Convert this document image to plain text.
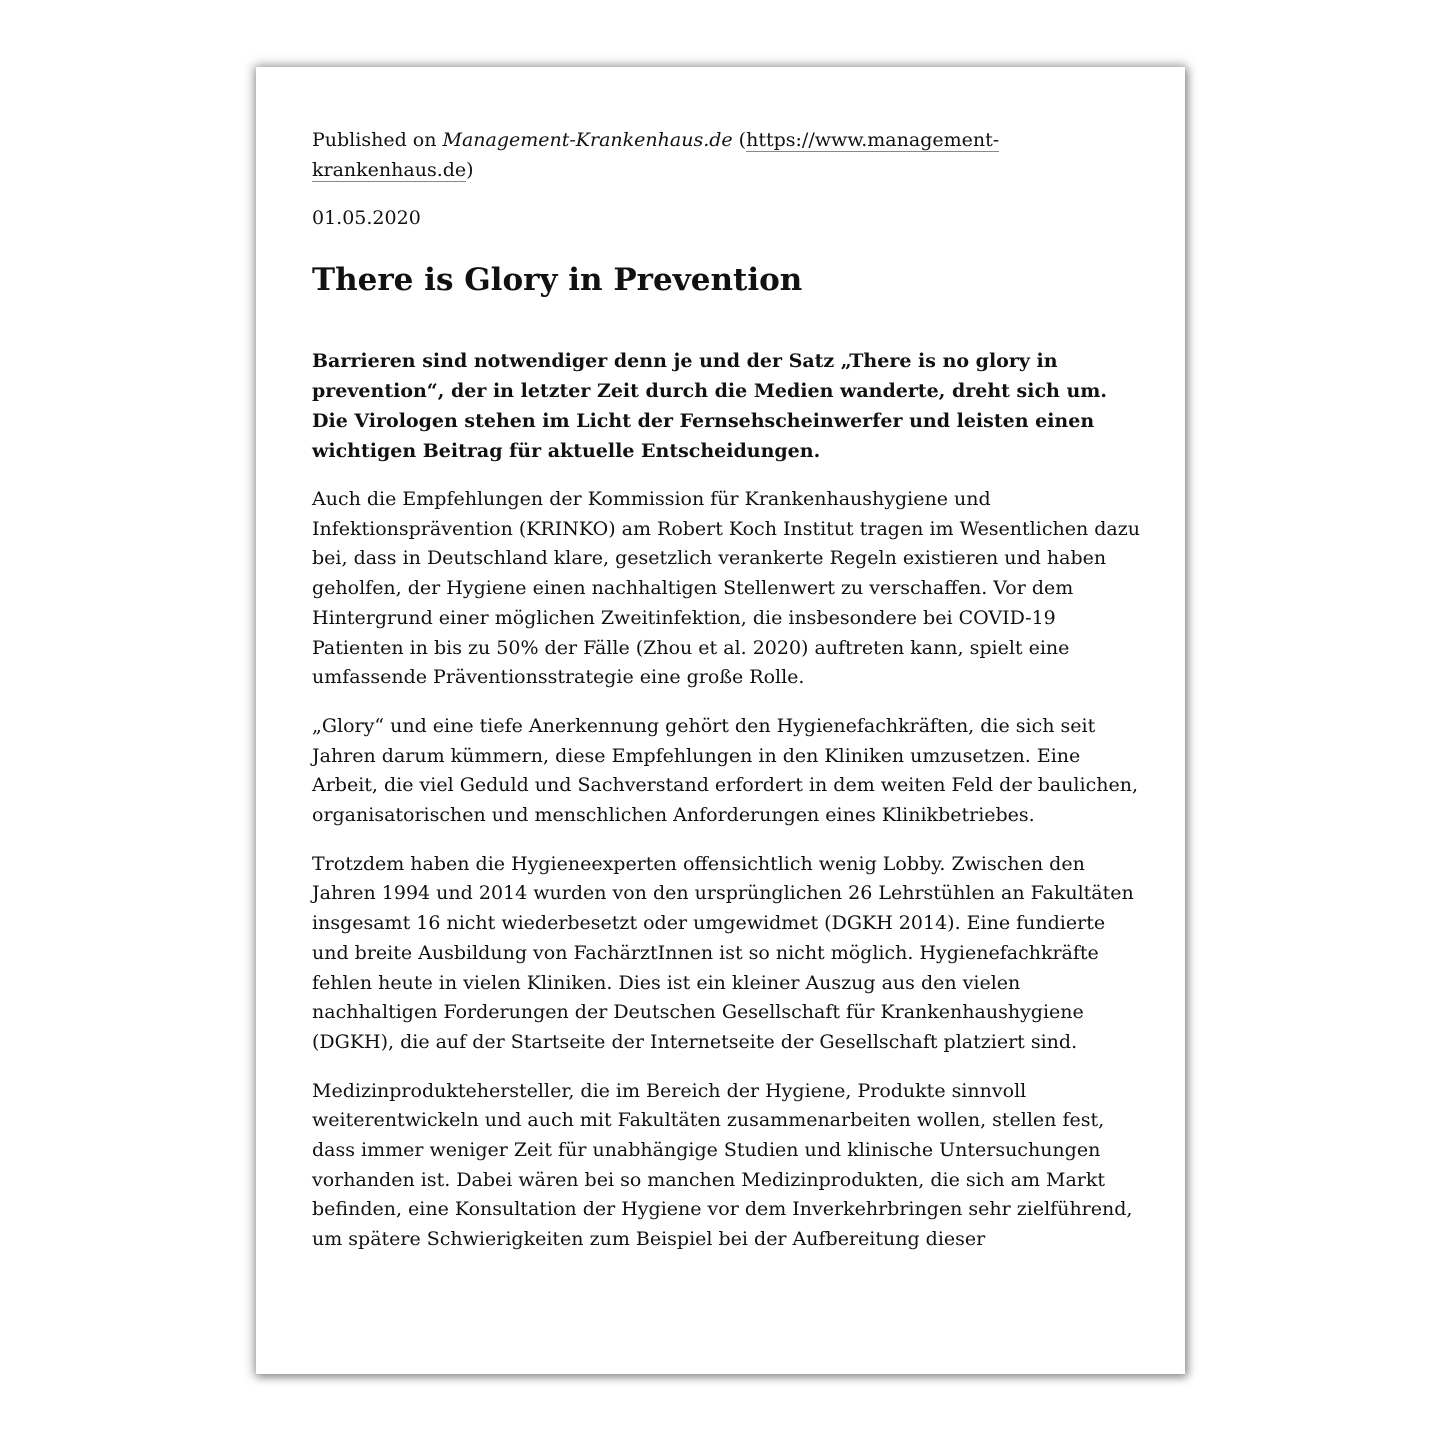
Published on Management-Krankenhaus.de (https://www.management-krankenhaus.de)

01.05.2020

There is Glory in Prevention

Barrieren sind notwendiger denn je und der Satz „There is no glory in prevention“, der in letzter Zeit durch die Medien wanderte, dreht sich um. Die Virologen stehen im Licht der Fernsehscheinwerfer und leisten einen wichtigen Beitrag für aktuelle Entscheidungen.

Auch die Empfehlungen der Kommission für Krankenhaushygiene und Infektionsprävention (KRINKO) am Robert Koch Institut tragen im Wesentlichen dazu bei, dass in Deutschland klare, gesetzlich verankerte Regeln existieren und haben geholfen, der Hygiene einen nachhaltigen Stellenwert zu verschaffen. Vor dem Hintergrund einer möglichen Zweitinfektion, die insbesondere bei COVID-19 Patienten in bis zu 50% der Fälle (Zhou et al. 2020) auftreten kann, spielt eine umfassende Präventionsstrategie eine große Rolle.

„Glory“ und eine tiefe Anerkennung gehört den Hygienefachkräften, die sich seit Jahren darum kümmern, diese Empfehlungen in den Kliniken umzusetzen. Eine Arbeit, die viel Geduld und Sachverstand erfordert in dem weiten Feld der baulichen, organisatorischen und menschlichen Anforderungen eines Klinikbetriebes.

Trotzdem haben die Hygieneexperten offensichtlich wenig Lobby. Zwischen den Jahren 1994 und 2014 wurden von den ursprünglichen 26 Lehrstühlen an Fakultäten insgesamt 16 nicht wiederbesetzt oder umgewidmet (DGKH 2014). Eine fundierte und breite Ausbildung von FachärztInnen ist so nicht möglich. Hygienefachkräfte fehlen heute in vielen Kliniken. Dies ist ein kleiner Auszug aus den vielen nachhaltigen Forderungen der Deutschen Gesellschaft für Krankenhaushygiene (DGKH), die auf der Startseite der Internetseite der Gesellschaft platziert sind.

Medizinproduktehersteller, die im Bereich der Hygiene, Produkte sinnvoll weiterentwickeln und auch mit Fakultäten zusammenarbeiten wollen, stellen fest, dass immer weniger Zeit für unabhängige Studien und klinische Untersuchungen vorhanden ist. Dabei wären bei so manchen Medizinprodukten, die sich am Markt befinden, eine Konsultation der Hygiene vor dem Inverkehrbringen sehr zielführend, um spätere Schwierigkeiten zum Beispiel bei der Aufbereitung dieser
